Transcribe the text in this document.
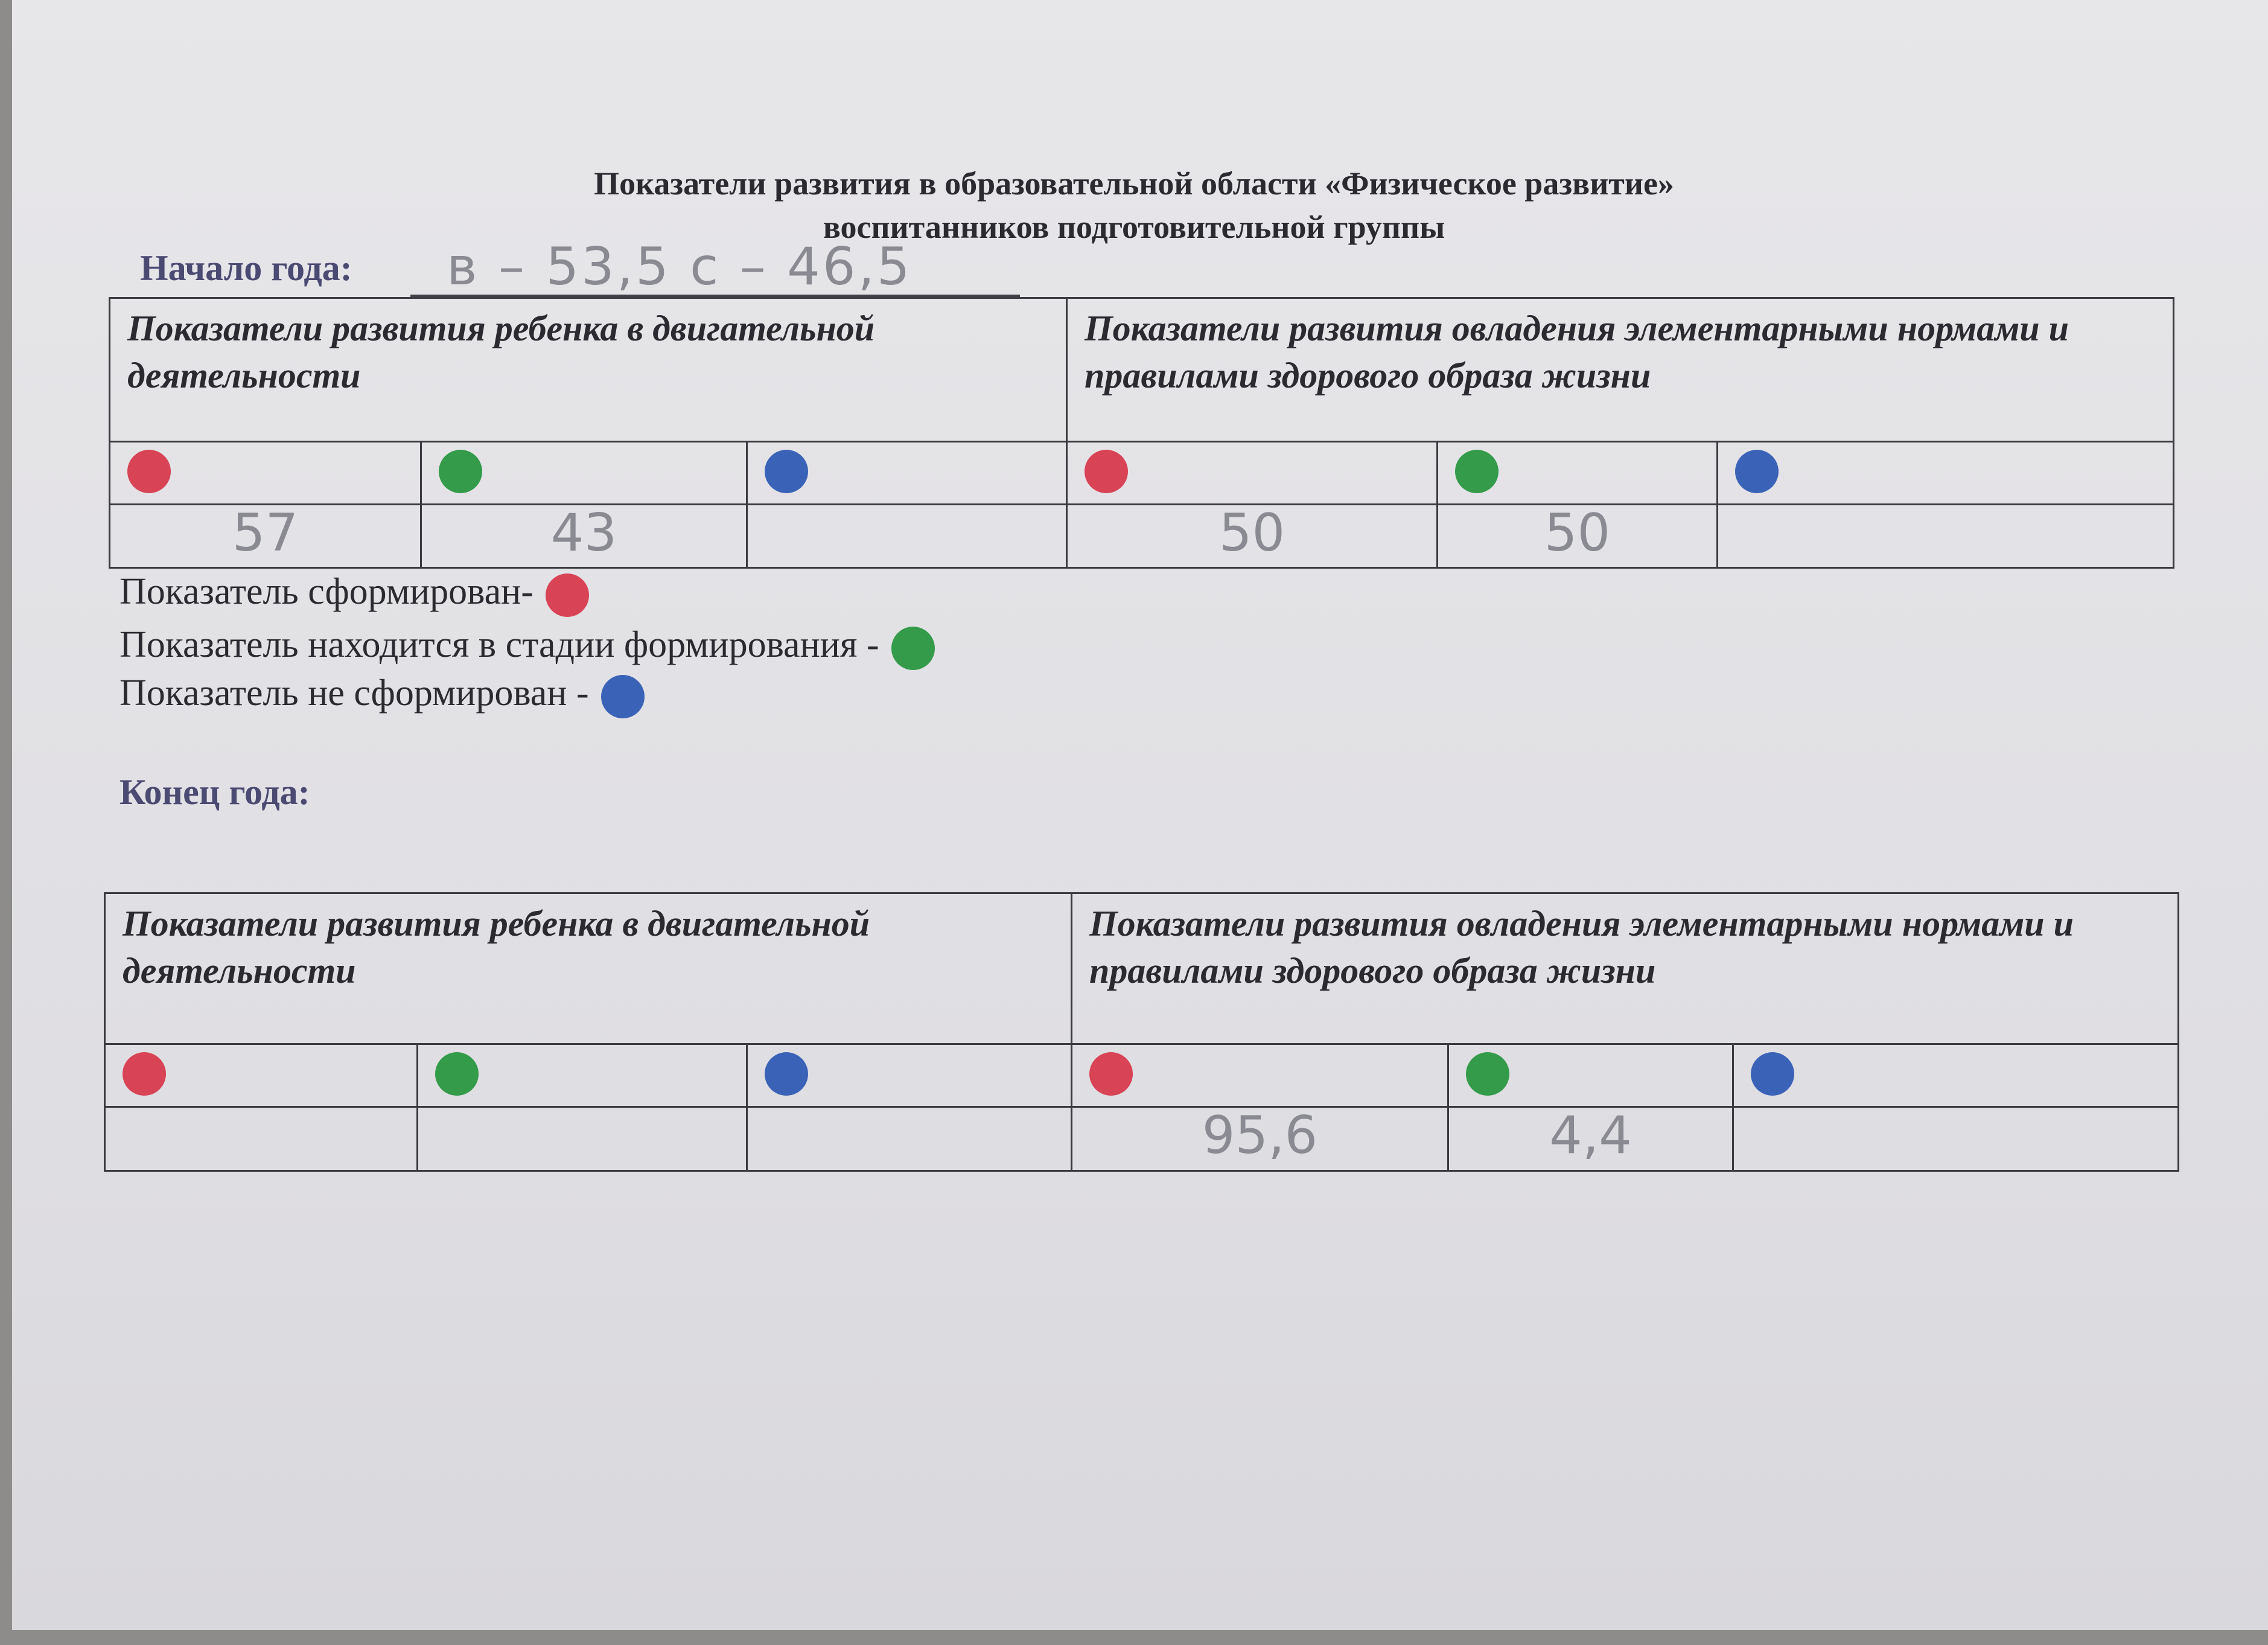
Показатели развития в образовательной области «Физическое развитие»
воспитанников подготовительной группы
Начало года: в – 53,5 с – 46,5
Показатели развития ребенка в двигательной деятельности			Показатели развития овладения элементарными нормами и правилами здорового образа жизни		

57	43		50	50	
Показатель сформирован-
Показатель находится в стадии формирования -
Показатель не сформирован -
Конец года:
Показатели развития ребенка в двигательной деятельности			Показатели развития овладения элементарными нормами и правилами здорового образа жизни		

			95,6	4,4	
